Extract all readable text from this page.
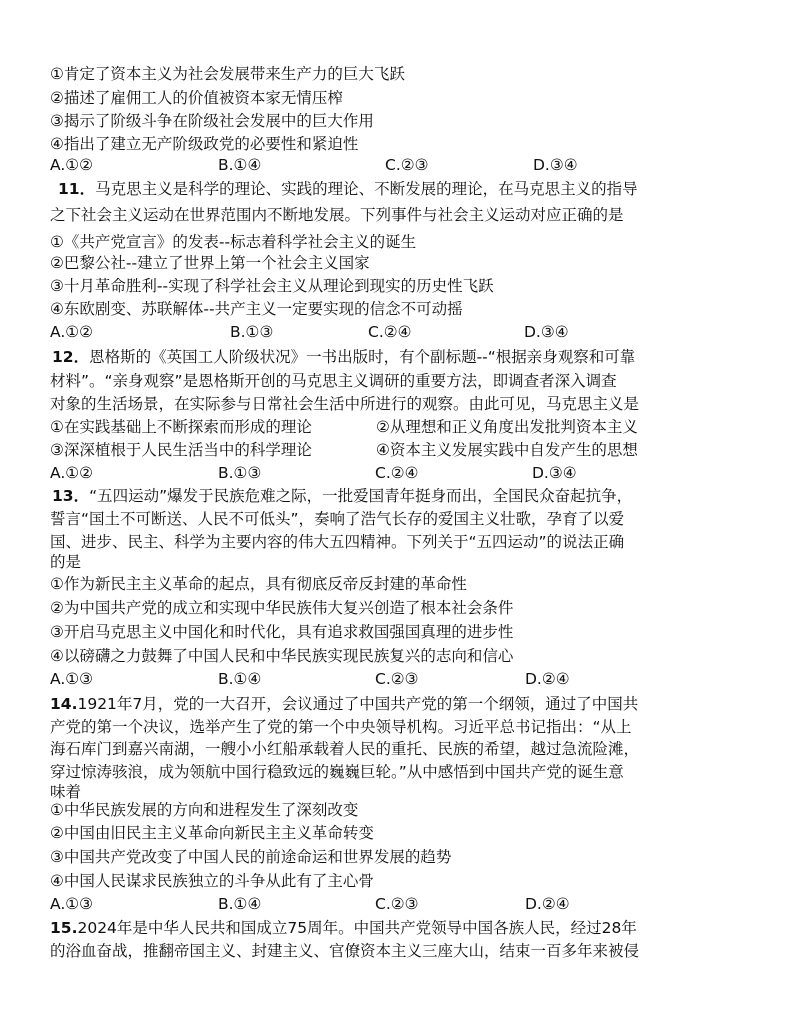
①肯定了资本主义为社会发展带来生产力的巨大飞跃
②描述了雇佣工人的价值被资本家无情压榨
③揭示了阶级斗争在阶级社会发展中的巨大作用
④指出了建立无产阶级政党的必要性和紧迫性
A.①②	B.①④	C.②③	D.③④
11．马克思主义是科学的理论、实践的理论、不断发展的理论，在马克思主义的指导
之下社会主义运动在世界范围内不断地发展。下列事件与社会主义运动对应正确的是
①《共产党宣言》的发表--标志着科学社会主义的诞生
②巴黎公社--建立了世界上第一个社会主义国家
③十月革命胜利--实现了科学社会主义从理论到现实的历史性飞跃
④东欧剧变、苏联解体--共产主义一定要实现的信念不可动摇
A.①②	B.①③	C.②④	D.③④
12．恩格斯的《英国工人阶级状况》一书出版时，有个副标题--“根据亲身观察和可靠
材料”。“亲身观察”是恩格斯开创的马克思主义调研的重要方法，即调查者深入调查
对象的生活场景，在实际参与日常社会生活中所进行的观察。由此可见，马克思主义是
①在实践基础上不断探索而形成的理论	②从理想和正义角度出发批判资本主义
③深深植根于人民生活当中的科学理论	④资本主义发展实践中自发产生的思想
A.①②	B.①③	C.②④	D.③④
13．“五四运动”爆发于民族危难之际，一批爱国青年挺身而出，全国民众奋起抗争，
誓言“国土不可断送、人民不可低头”，奏响了浩气长存的爱国主义壮歌，孕育了以爱
国、进步、民主、科学为主要内容的伟大五四精神。下列关于“五四运动”的说法正确
的是
①作为新民主主义革命的起点，具有彻底反帝反封建的革命性
②为中国共产党的成立和实现中华民族伟大复兴创造了根本社会条件
③开启马克思主义中国化和时代化，具有追求救国强国真理的进步性
④以磅礴之力鼓舞了中国人民和中华民族实现民族复兴的志向和信心
A.①③	B.①④	C.②③	D.②④
14.1921年7月，党的一大召开，会议通过了中国共产党的第一个纲领，通过了中国共
产党的第一个决议，选举产生了党的第一个中央领导机构。习近平总书记指出：“从上
海石库门到嘉兴南湖，一艘小小红船承载着人民的重托、民族的希望，越过急流险滩，
穿过惊涛骇浪，成为领航中国行稳致远的巍巍巨轮。”从中感悟到中国共产党的诞生意
味着
①中华民族发展的方向和进程发生了深刻改变
②中国由旧民主主义革命向新民主主义革命转变
③中国共产党改变了中国人民的前途命运和世界发展的趋势
④中国人民谋求民族独立的斗争从此有了主心骨
A.①③	B.①④	C.②③	D.②④
15.2024年是中华人民共和国成立75周年。中国共产党领导中国各族人民，经过28年
的浴血奋战，推翻帝国主义、封建主义、官僚资本主义三座大山，结束一百多年来被侵
